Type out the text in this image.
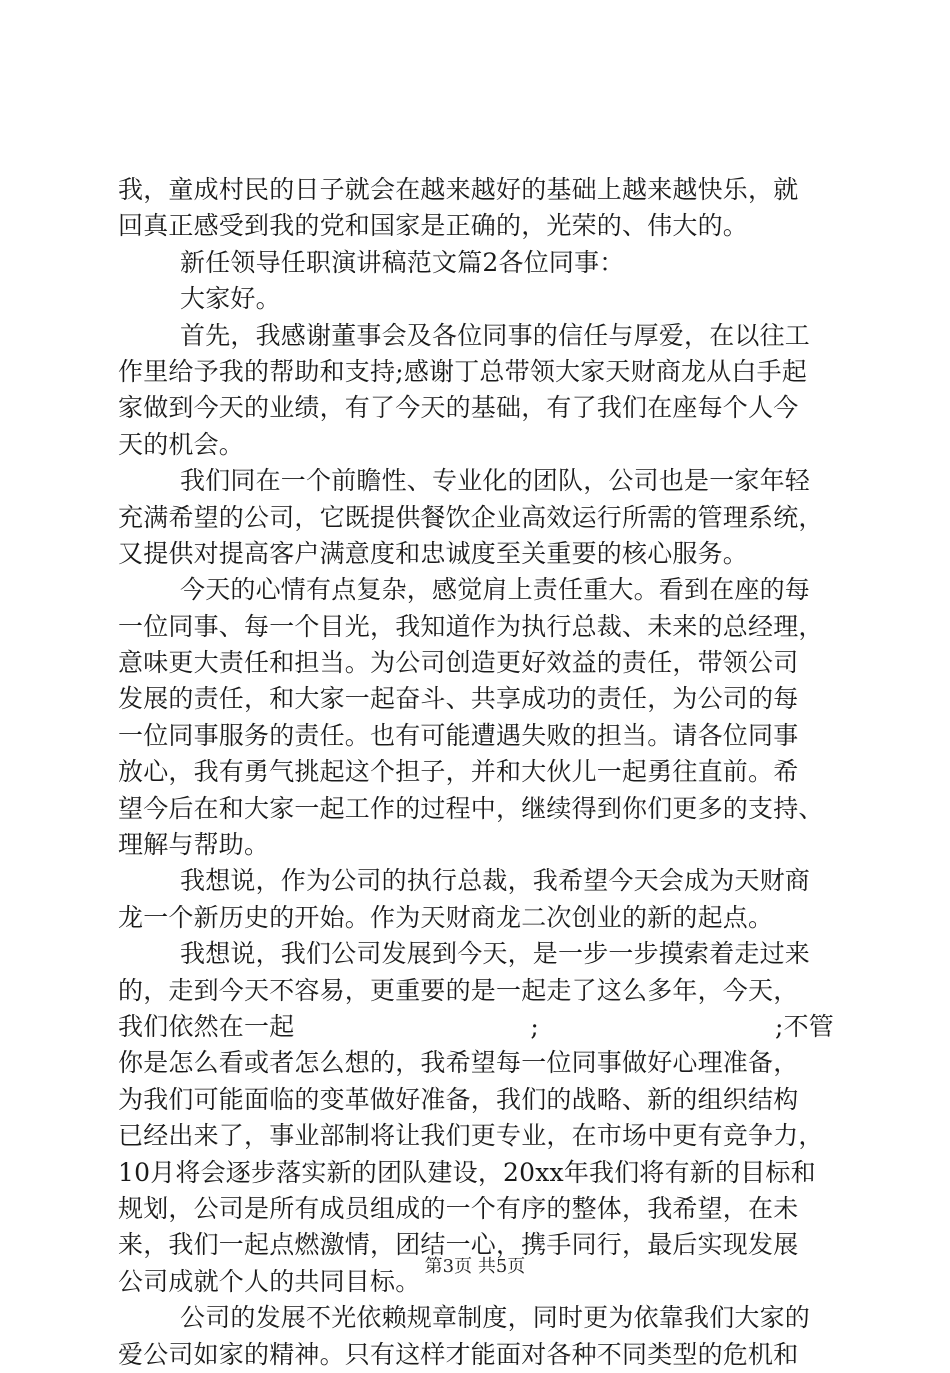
我，童成村民的日子就会在越来越好的基础上越来越快乐，就
回真正感受到我的党和国家是正确的，光荣的、伟大的。
新任领导任职演讲稿范文篇2各位同事：
大家好。
首先，我感谢董事会及各位同事的信任与厚爱，在以往工
作里给予我的帮助和支持;感谢丁总带领大家天财商龙从白手起
家做到今天的业绩，有了今天的基础，有了我们在座每个人今
天的机会。
我们同在一个前瞻性、专业化的团队，公司也是一家年轻
充满希望的公司，它既提供餐饮企业高效运行所需的管理系统，
又提供对提高客户满意度和忠诚度至关重要的核心服务。
今天的心情有点复杂，感觉肩上责任重大。看到在座的每
一位同事、每一个目光，我知道作为执行总裁、未来的总经理，
意味更大责任和担当。为公司创造更好效益的责任，带领公司
发展的责任，和大家一起奋斗、共享成功的责任，为公司的每
一位同事服务的责任。也有可能遭遇失败的担当。请各位同事
放心，我有勇气挑起这个担子，并和大伙儿一起勇往直前。希
望今后在和大家一起工作的过程中，继续得到你们更多的支持、
理解与帮助。
我想说，作为公司的执行总裁，我希望今天会成为天财商
龙一个新历史的开始。作为天财商龙二次创业的新的起点。
我想说，我们公司发展到今天，是一步一步摸索着走过来
的，走到今天不容易，更重要的是一起走了这么多年，今天，
我们依然在一起	;	;不管
你是怎么看或者怎么想的，我希望每一位同事做好心理准备，
为我们可能面临的变革做好准备，我们的战略、新的组织结构
已经出来了，事业部制将让我们更专业，在市场中更有竞争力，
10月将会逐步落实新的团队建设，20xx年我们将有新的目标和
规划，公司是所有成员组成的一个有序的整体，我希望，在未
来，我们一起点燃激情，团结一心，携手同行，最后实现发展
公司成就个人的共同目标。
公司的发展不光依赖规章制度，同时更为依靠我们大家的
爱公司如家的精神。只有这样才能面对各种不同类型的危机和
第3页 共5页
